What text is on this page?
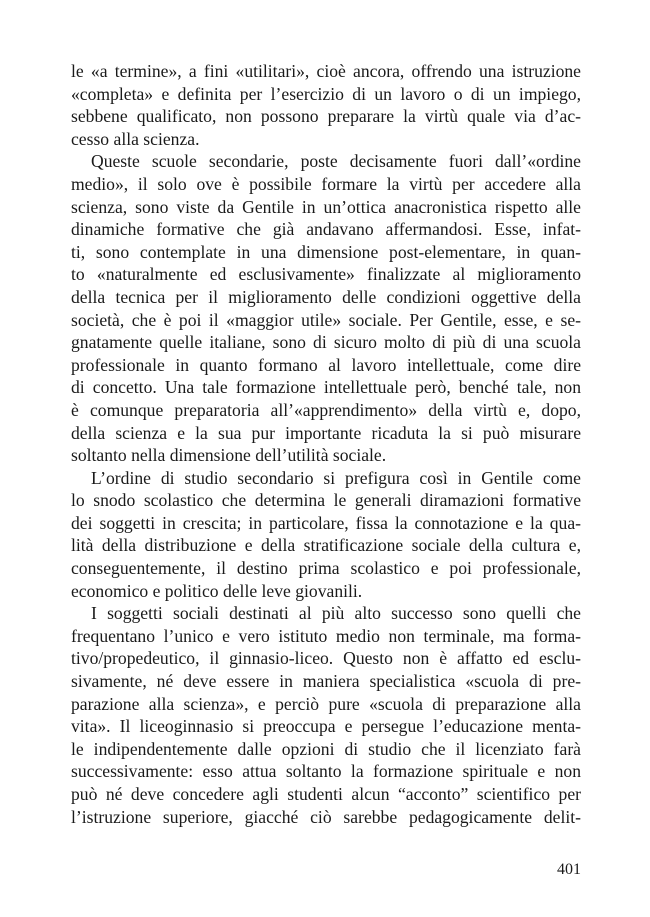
le «a termine», a fini «utilitari», cioè ancora, offrendo una istruzione
«completa» e definita per l’esercizio di un lavoro o di un impiego,
sebbene qualificato, non possono preparare la virtù quale via d’ac-
cesso alla scienza.
Queste scuole secondarie, poste decisamente fuori dall’«ordine
medio», il solo ove è possibile formare la virtù per accedere alla
scienza, sono viste da Gentile in un’ottica anacronistica rispetto alle
dinamiche formative che già andavano affermandosi. Esse, infat-
ti, sono contemplate in una dimensione post-elementare, in quan-
to «naturalmente ed esclusivamente» finalizzate al miglioramento
della tecnica per il miglioramento delle condizioni oggettive della
società, che è poi il «maggior utile» sociale. Per Gentile, esse, e se-
gnatamente quelle italiane, sono di sicuro molto di più di una scuola
professionale in quanto formano al lavoro intellettuale, come dire
di concetto. Una tale formazione intellettuale però, benché tale, non
è comunque preparatoria all’«apprendimento» della virtù e, dopo,
della scienza e la sua pur importante ricaduta la si può misurare
soltanto nella dimensione dell’utilità sociale.
L’ordine di studio secondario si prefigura così in Gentile come
lo snodo scolastico che determina le generali diramazioni formative
dei soggetti in crescita; in particolare, fissa la connotazione e la qua-
lità della distribuzione e della stratificazione sociale della cultura e,
conseguentemente, il destino prima scolastico e poi professionale,
economico e politico delle leve giovanili.
I soggetti sociali destinati al più alto successo sono quelli che
frequentano l’unico e vero istituto medio non terminale, ma forma-
tivo/propedeutico, il ginnasio-liceo. Questo non è affatto ed esclu-
sivamente, né deve essere in maniera specialistica «scuola di pre-
parazione alla scienza», e perciò pure «scuola di preparazione alla
vita». Il liceoginnasio si preoccupa e persegue l’educazione menta-
le indipendentemente dalle opzioni di studio che il licenziato farà
successivamente: esso attua soltanto la formazione spirituale e non
può né deve concedere agli studenti alcun “acconto” scientifico per
l’istruzione superiore, giacché ciò sarebbe pedagogicamente delit-
401
